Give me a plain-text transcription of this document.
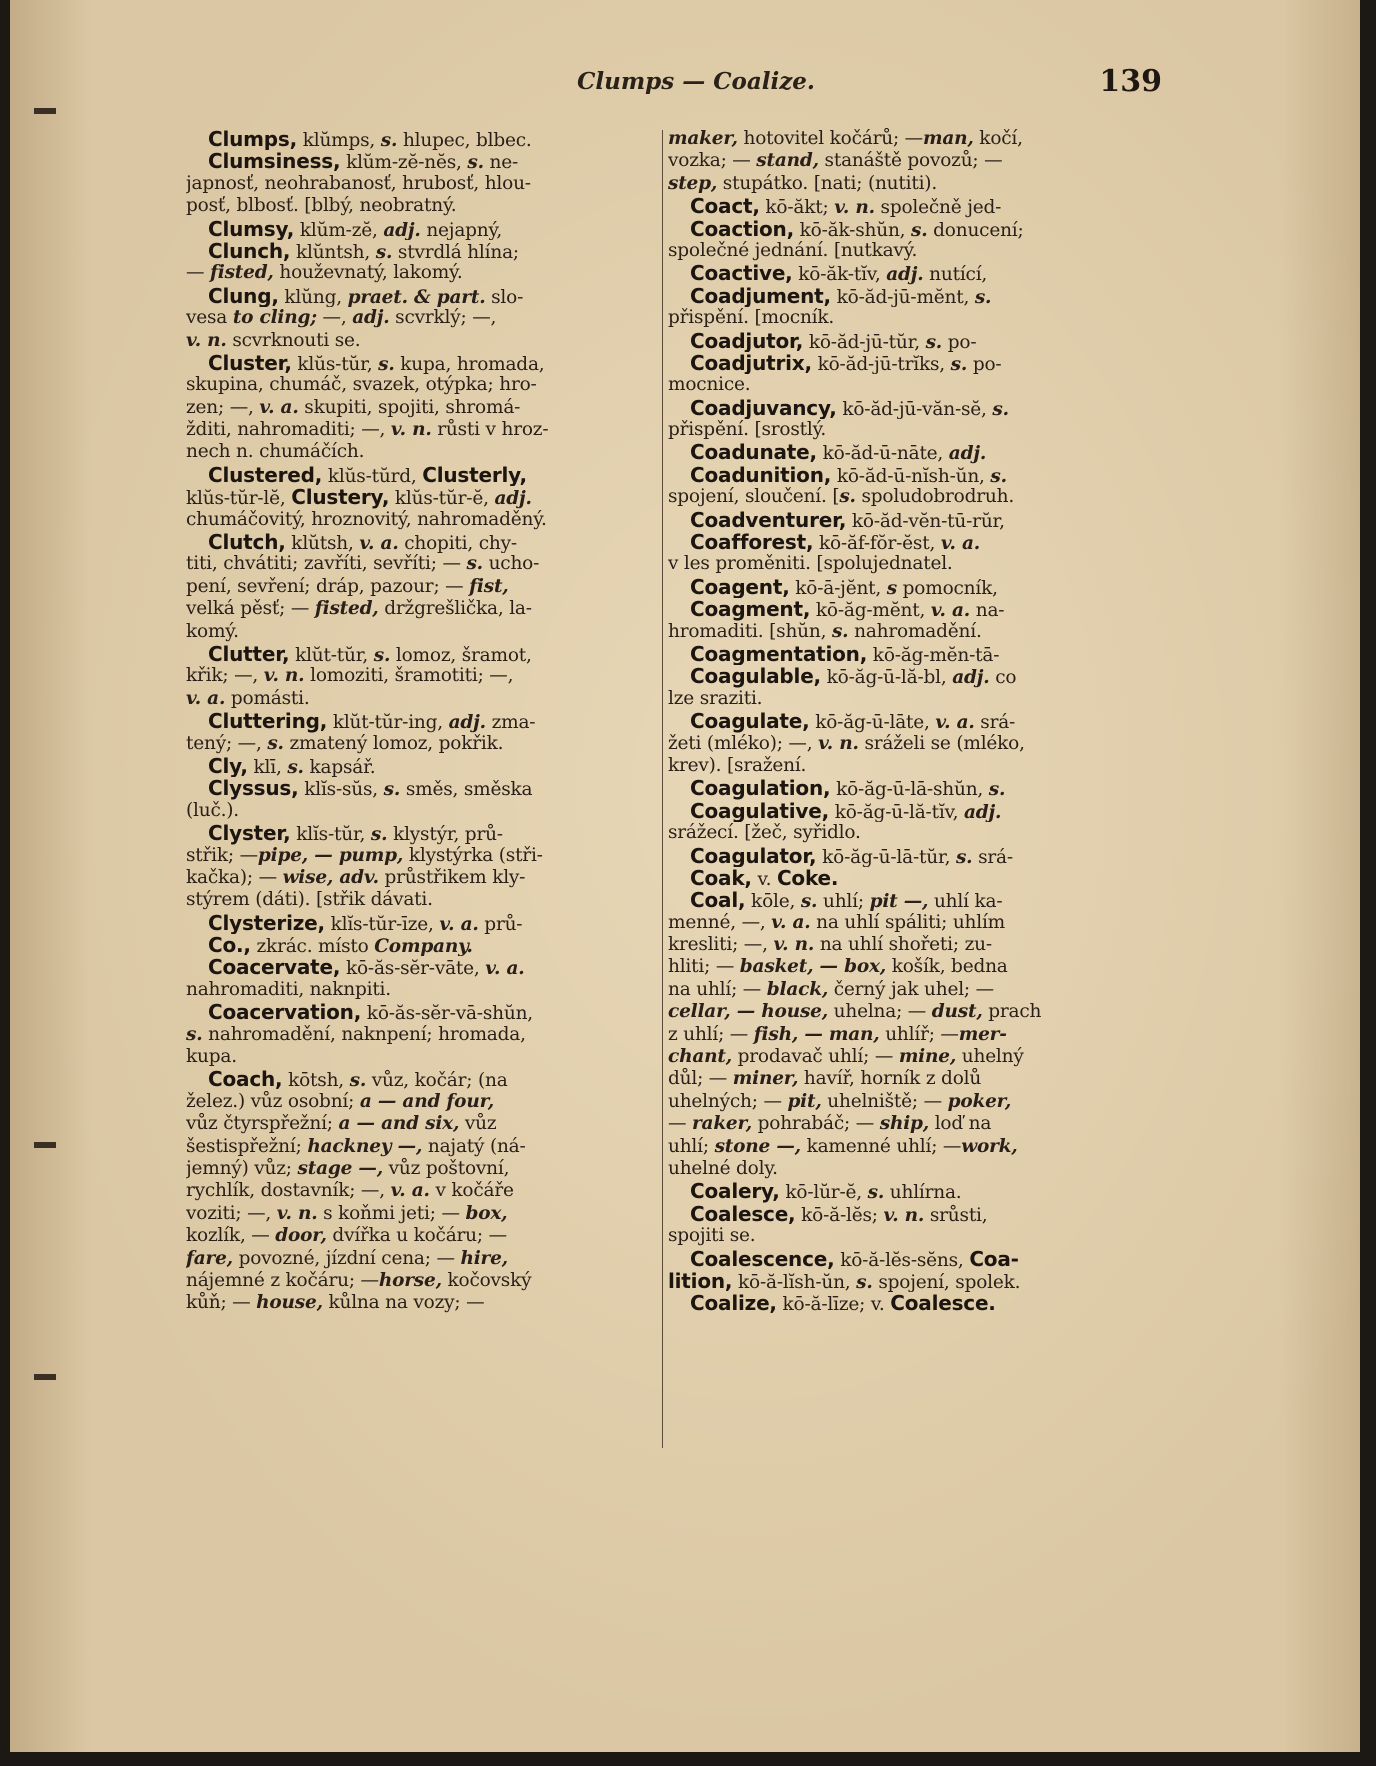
Clumps — Coalize.	139
Clumps, klŭmps, s. hlupec, blbec.
Clumsiness, klŭm-zĕ-nĕs, s. ne-
japnosť, neohrabanosť, hrubosť, hlou-
posť, blbosť. [blbý, neobratný.
Clumsy, klŭm-zĕ, adj. nejapný,
Clunch, klŭntsh, s. stvrdlá hlína;
— fisted, houževnatý, lakomý.
Clung, klŭng, praet. & part. slo-
vesa to cling; —, adj. scvrklý; —,
v. n. scvrknouti se.
Cluster, klŭs-tŭr, s. kupa, hromada,
skupina, chumáč, svazek, otýpka; hro-
zen; —, v. a. skupiti, spojiti, shromá-
žditi, nahromaditi; —, v. n. růsti v hroz-
nech n. chumáčích.
Clustered, klŭs-tŭrd, Clusterly,
klŭs-tŭr-lĕ, Clustery, klŭs-tŭr-ĕ, adj.
chumáčovitý, hroznovitý, nahromaděný.
Clutch, klŭtsh, v. a. chopiti, chy-
titi, chvátiti; zavříti, sevříti; — s. ucho-
pení, sevření; dráp, pazour; — fist,
velká pěsť; — fisted, držgrešlička, la-
komý.
Clutter, klŭt-tŭr, s. lomoz, šramot,
křik; —, v. n. lomoziti, šramotiti; —,
v. a. pomásti.
Cluttering, klŭt-tŭr-ing, adj. zma-
tený; —, s. zmatený lomoz, pokřik.
Cly, klī, s. kapsář.
Clyssus, klĭs-sŭs, s. směs, směska
(luč.).
Clyster, klĭs-tŭr, s. klystýr, prů-
střik; —pipe, — pump, klystýrka (stři-
kačka); — wise, adv. průstřikem kly-
stýrem (dáti). [střik dávati.
Clysterize, klĭs-tŭr-īze, v. a. prů-
Co., zkrác. místo Company.
Coacervate, kō-ăs-sĕr-vāte, v. a.
nahromaditi, naknpiti.
Coacervation, kō-ăs-sĕr-vā-shŭn,
s. nahromadění, naknpení; hromada,
kupa.
Coach, kōtsh, s. vůz, kočár; (na
želez.) vůz osobní; a — and four,
vůz čtyrspřežní; a — and six, vůz
šestispřežní; hackney —, najatý (ná-
jemný) vůz; stage —, vůz poštovní,
rychlík, dostavník; —, v. a. v kočáře
voziti; —, v. n. s koňmi jeti; — box,
kozlík, — door, dvířka u kočáru; —
fare, povozné, jízdní cena; — hire,
nájemné z kočáru; —horse, kočovský
kůň; — house, kůlna na vozy; —
maker, hotovitel kočárů; —man, kočí,
vozka; — stand, stanáště povozů; —
step, stupátko. [nati; (nutiti).
Coact, kō-ăkt; v. n. společně jed-
Coaction, kō-ăk-shŭn, s. donucení;
společné jednání. [nutkavý.
Coactive, kō-ăk-tĭv, adj. nutící,
Coadjument, kō-ăd-jū-mĕnt, s.
přispění. [mocník.
Coadjutor, kō-ăd-jū-tŭr, s. po-
Coadjutrix, kō-ăd-jū-trĭks, s. po-
mocnice.
Coadjuvancy, kō-ăd-jū-văn-sĕ, s.
přispění. [srostlý.
Coadunate, kō-ăd-ū-nāte, adj.
Coadunition, kō-ăd-ū-nĭsh-ŭn, s.
spojení, sloučení. [s. spoludobrodruh.
Coadventurer, kō-ăd-vĕn-tū-rŭr,
Coafforest, kō-ăf-fŏr-ĕst, v. a.
v les proměniti. [spolujednatel.
Coagent, kō-ā-jĕnt, s pomocník,
Coagment, kō-ăg-mĕnt, v. a. na-
hromaditi. [shŭn, s. nahromadění.
Coagmentation, kō-ăg-mĕn-tā-
Coagulable, kō-ăg-ū-lă-bl, adj. co
lze sraziti.
Coagulate, kō-ăg-ū-lāte, v. a. srá-
žeti (mléko); —, v. n. sráželi se (mléko,
krev). [sražení.
Coagulation, kō-ăg-ū-lā-shŭn, s.
Coagulative, kō-ăg-ū-lă-tĭv, adj.
srážecí. [žeč, syřidlo.
Coagulator, kō-ăg-ū-lā-tŭr, s. srá-
Coak, v. Coke.
Coal, kōle, s. uhlí; pit —, uhlí ka-
menné, —, v. a. na uhlí spáliti; uhlím
kresliti; —, v. n. na uhlí shořeti; zu-
hliti; — basket, — box, košík, bedna
na uhlí; — black, černý jak uhel; —
cellar, — house, uhelna; — dust, prach
z uhlí; — fish, — man, uhlíř; —mer-
chant, prodavač uhlí; — mine, uhelný
důl; — miner, havíř, horník z dolů
uhelných; — pit, uhelniště; — poker,
— raker, pohrabáč; — ship, loď na
uhlí; stone —, kamenné uhlí; —work,
uhelné doly.
Coalery, kō-lŭr-ĕ, s. uhlírna.
Coalesce, kō-ă-lĕs; v. n. srůsti,
spojiti se.
Coalescence, kō-ă-lĕs-sĕns, Coa-
lition, kō-ă-lĭsh-ŭn, s. spojení, spolek.
Coalize, kō-ă-līze; v. Coalesce.
